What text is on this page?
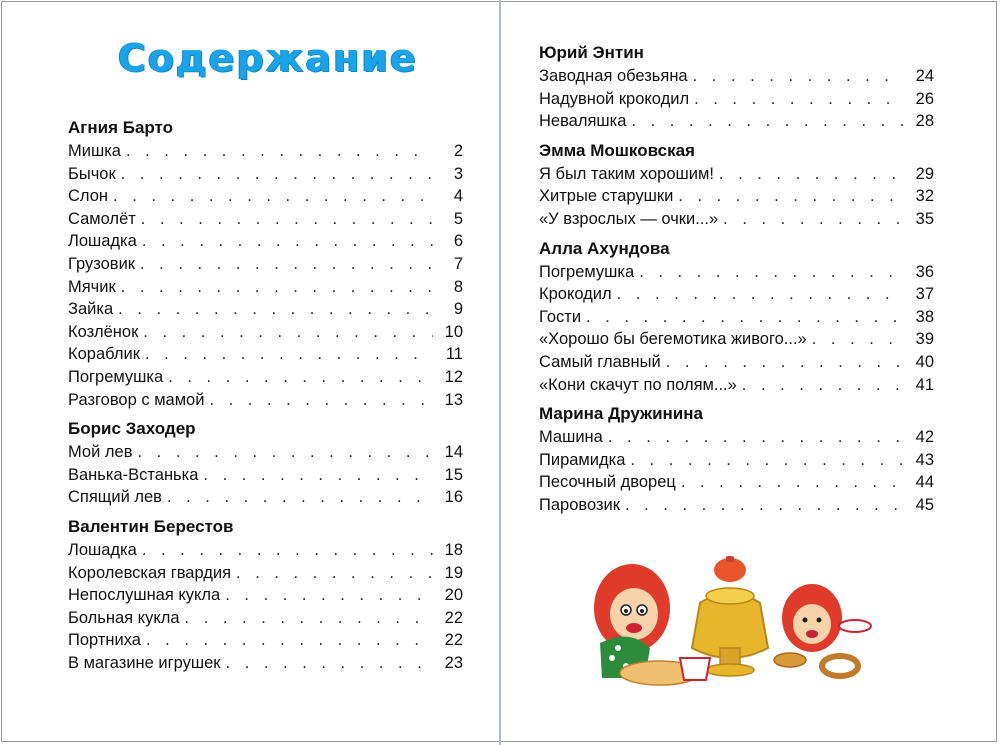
Содержание
Агния Барто
Мишка . . .	2
Бычок . . .	3
Слон . . .	4
Самолёт . . .	5
Лошадка . . .	6
Грузовик . . .	7
Мячик . . .	8
Зайка . . .	9
Козлёнок . . .	10
Кораблик . . .	11
Погремушка . . .	12
Разговор с мамой . . .	13
Борис Заходер
Мой лев . . .	14
Ванька-Встанька . . .	15
Спящий лев . . .	16
Валентин Берестов
Лошадка . . .	18
Королевская гвардия . . .	19
Непослушная кукла . . .	20
Больная кукла . . .	22
Портниха . . .	22
В магазине игрушек . . .	23
Юрий Энтин
Заводная обезьяна . . .	24
Надувной крокодил . . .	26
Неваляшка . . .	28
Эмма Мошковская
Я был таким хорошим! . . .	29
Хитрые старушки . . .	32
«У взрослых — очки...» . . .	35
Алла Ахундова
Погремушка . . .	36
Крокодил . . .	37
Гости . . .	38
«Хорошо бы бегемотика живого...» . . .	39
Самый главный . . .	40
«Кони скачут по полям...» . . .	41
Марина Дружинина
Машина . . .	42
Пирамидка . . .	43
Песочный дворец . . .	44
Паровозик . . .	45
